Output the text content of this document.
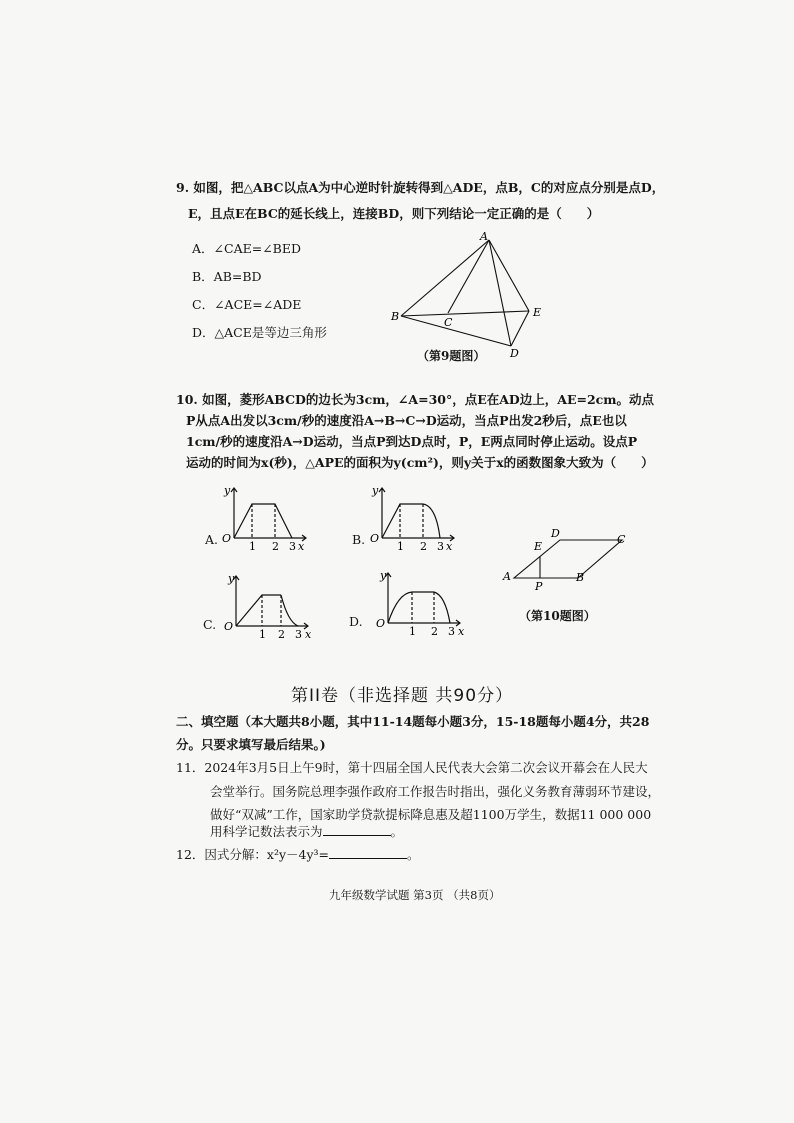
9. 如图，把△ABC以点A为中心逆时针旋转得到△ADE，点B，C的对应点分别是点D，
E，且点E在BC的延长线上，连接BD，则下列结论一定正确的是（　　）
A．∠CAE=∠BED
B．AB=BD
C．∠ACE=∠ADE
D．△ACE是等边三角形
A
B	C
E
D
（第9题图）
10. 如图，菱形ABCD的边长为3cm，∠A=30°，点E在AD边上，AE=2cm。动点
P从点A出发以3cm/秒的速度沿A→B→C→D运动，当点P出发2秒后，点E也以
1cm/秒的速度沿A→D运动，当点P到达D点时，P，E两点同时停止运动。设点P
运动的时间为x(秒)，△APE的面积为y(cm²)，则y关于x的函数图象大致为（　　）
A.
y
O
1 2 3 x	B.
y
O
1 2 3 x
C.
y
O
1 2 3 x
D.
y
O
1 2 3 x
A
P
B
E
D	C
（第10题图）
第II卷（非选择题 共90分）
二、填空题（本大题共8小题，其中11-14题每小题3分，15-18题每小题4分，共28
分。只要求填写最后结果。)
11．2024年3月5日上午9时，第十四届全国人民代表大会第二次会议开幕会在人民大
会堂举行。国务院总理李强作政府工作报告时指出，强化义务教育薄弱环节建设，
做好“双减”工作，国家助学贷款提标降息惠及超1100万学生，数据11 000 000
用科学记数法表示为	。
12．因式分解：x²y－4y³=	。
九年级数学试题 第3页 （共8页）
